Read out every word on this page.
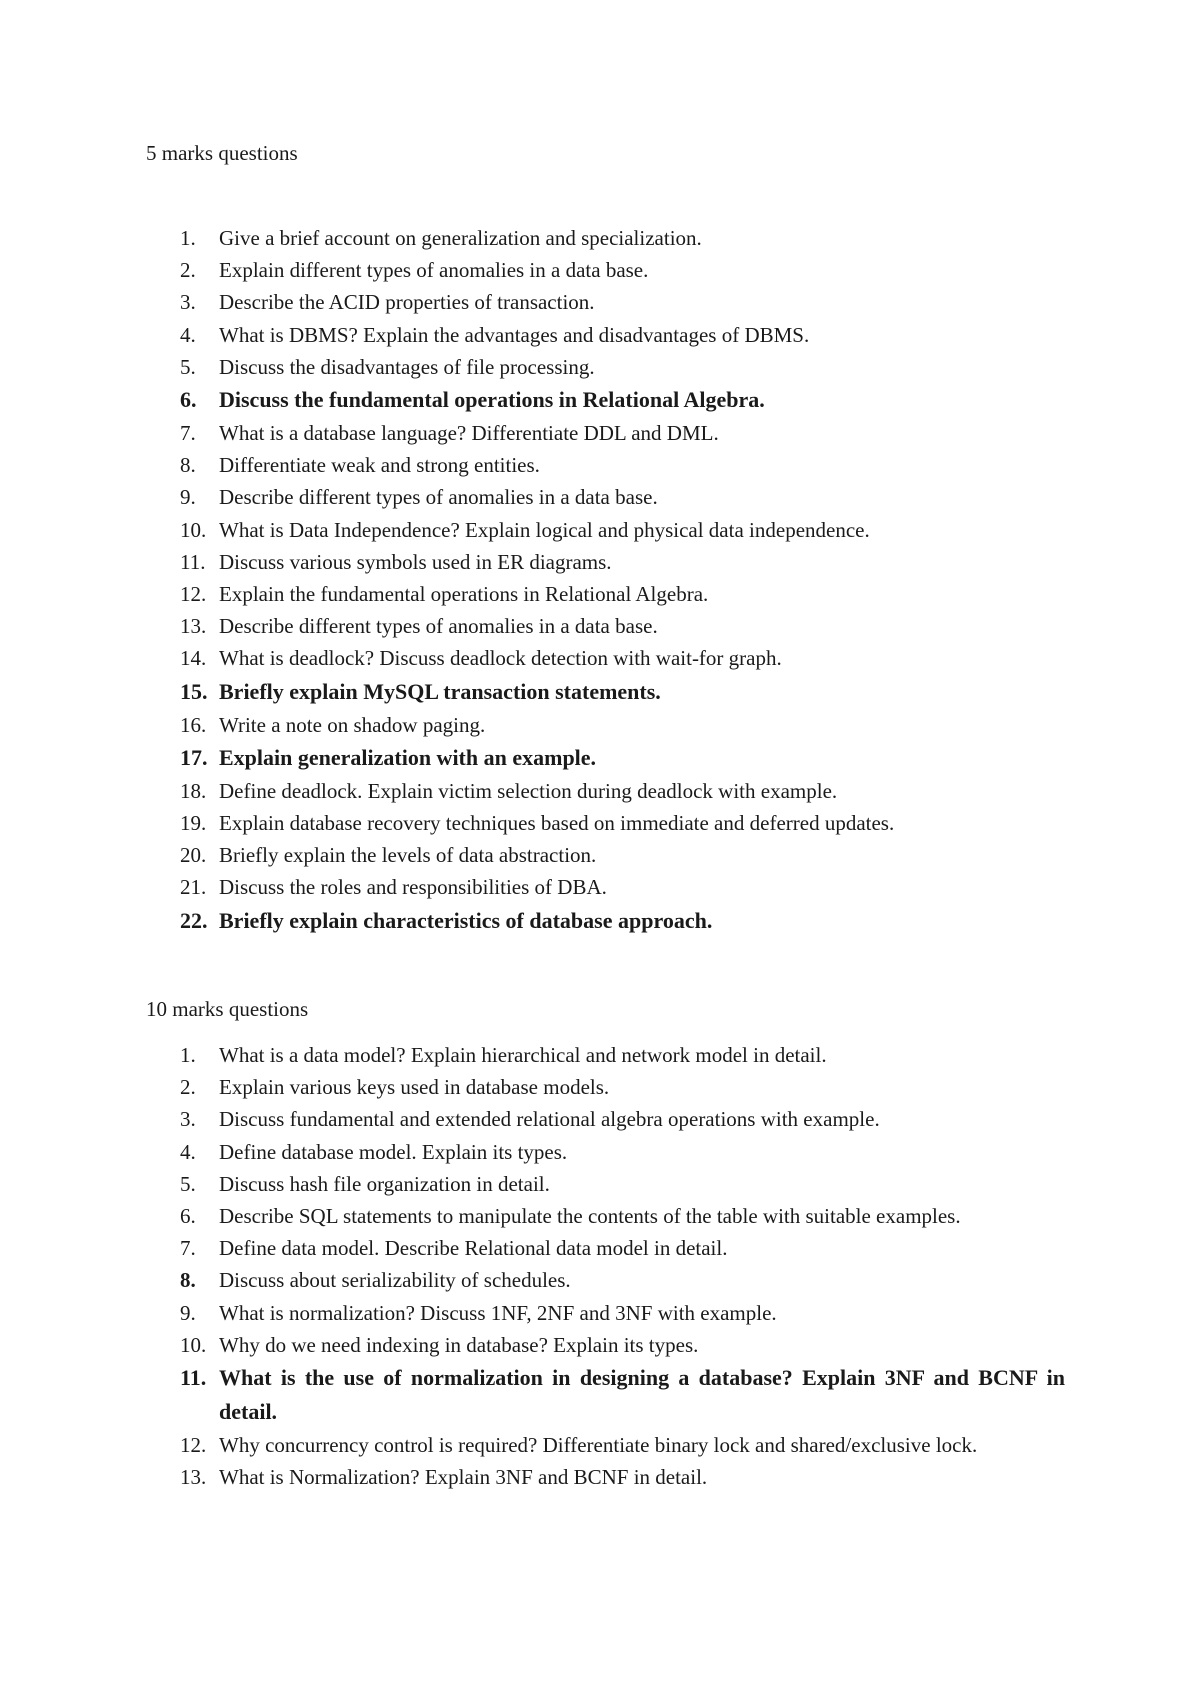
5 marks questions
1.	Give a brief account on generalization and specialization.
2.	Explain different types of anomalies in a data base.
3.	Describe the ACID properties of transaction.
4.	What is DBMS? Explain the advantages and disadvantages of DBMS.
5.	Discuss the disadvantages of file processing.
6.	Discuss the fundamental operations in Relational Algebra.
7.	What is a database language? Differentiate DDL and DML.
8.	Differentiate weak and strong entities.
9.	Describe different types of anomalies in a data base.
10. What is Data Independence? Explain logical and physical data independence.
11. Discuss various symbols used in ER diagrams.
12. Explain the fundamental operations in Relational Algebra.
13. Describe different types of anomalies in a data base.
14. What is deadlock? Discuss deadlock detection with wait-for graph.
15. Briefly explain MySQL transaction statements.
16. Write a note on shadow paging.
17. Explain generalization with an example.
18. Define deadlock. Explain victim selection during deadlock with example.
19. Explain database recovery techniques based on immediate and deferred updates.
20. Briefly explain the levels of data abstraction.
21. Discuss the roles and responsibilities of DBA.
22. Briefly explain characteristics of database approach.
10 marks questions
1.	What is a data model? Explain hierarchical and network model in detail.
2.	Explain various keys used in database models.
3.	Discuss fundamental and extended relational algebra operations with example.
4.	Define database model. Explain its types.
5.	Discuss hash file organization in detail.
6.	Describe SQL statements to manipulate the contents of the table with suitable examples.
7.	Define data model. Describe Relational data model in detail.
8.	Discuss about serializability of schedules.
9.	What is normalization? Discuss 1NF, 2NF and 3NF with example.
10. Why do we need indexing in database? Explain its types.
11. What is the use of normalization in designing a database? Explain 3NF and BCNF in detail.
12. Why concurrency control is required? Differentiate binary lock and shared/exclusive lock.
13. What is Normalization? Explain 3NF and BCNF in detail.
